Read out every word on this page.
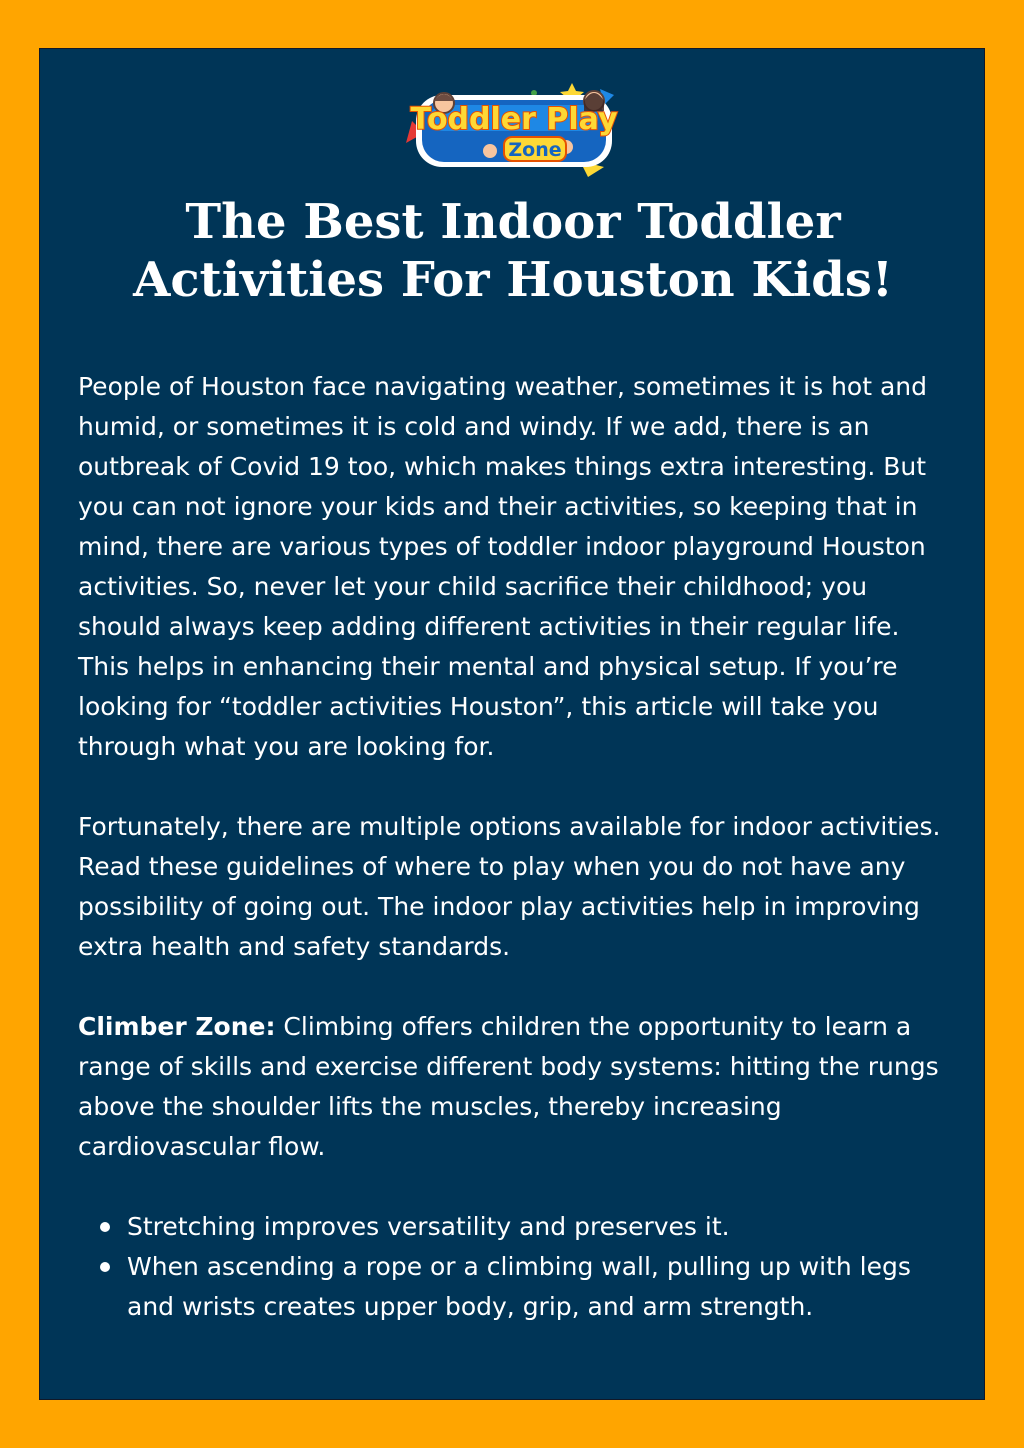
Toddler Play
Zone
The Best Indoor Toddler
Activities For Houston Kids!

People of Houston face navigating weather, sometimes it is hot and humid, or sometimes it is cold and windy. If we add, there is an outbreak of Covid 19 too, which makes things extra interesting. But you can not ignore your kids and their activities, so keeping that in mind, there are various types of toddler indoor playground Houston activities. So, never let your child sacrifice their childhood; you should always keep adding different activities in their regular life. This helps in enhancing their mental and physical setup. If you’re looking for “toddler activities Houston”, this article will take you through what you are looking for.

Fortunately, there are multiple options available for indoor activities. Read these guidelines of where to play when you do not have any possibility of going out. The indoor play activities help in improving extra health and safety standards.

Climber Zone: Climbing offers children the opportunity to learn a range of skills and exercise different body systems: hitting the rungs above the shoulder lifts the muscles, thereby increasing cardiovascular flow.

Stretching improves versatility and preserves it.
When ascending a rope or a climbing wall, pulling up with legs and wrists creates upper body, grip, and arm strength.
